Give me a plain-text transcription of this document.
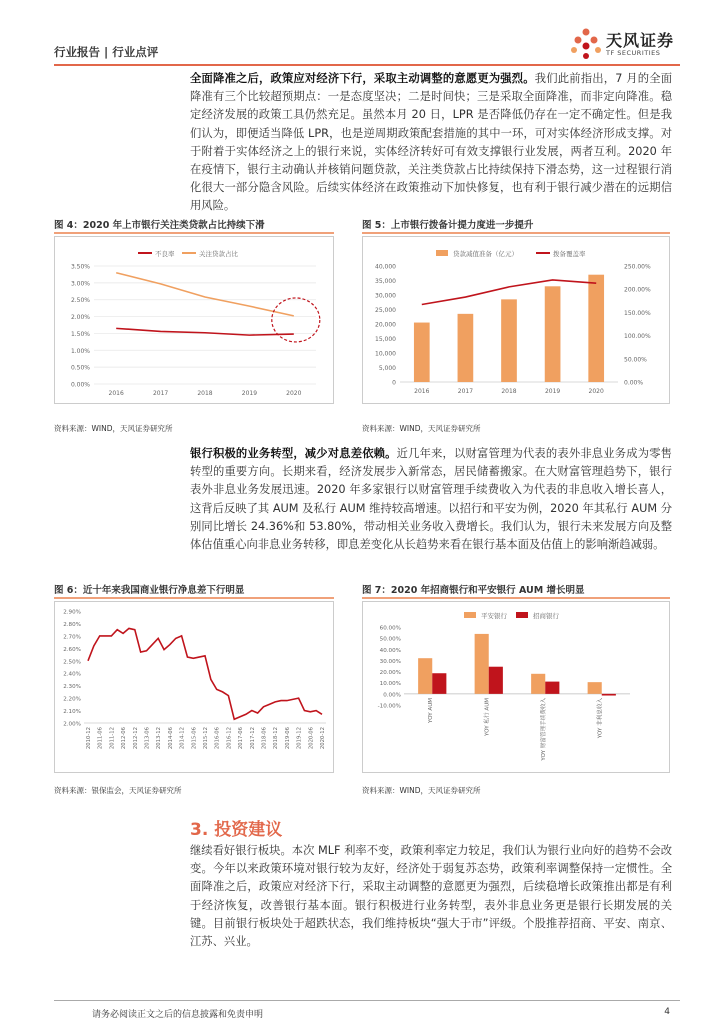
行业报告 | 行业点评
天风证券
TF SECURITIES
全面降准之后，政策应对经济下行，采取主动调整的意愿更为强烈。我们此前指出，7 月的全面降准有三个比较超预期点：一是态度坚决；二是时间快；三是采取全面降准，而非定向降准。稳定经济发展的政策工具仍然充足。虽然本月 20 日，LPR 是否降低仍存在一定不确定性。但是我们认为，即便适当降低 LPR，也是逆周期政策配套措施的其中一环，可对实体经济形成支撑。对于附着于实体经济之上的银行来说，实体经济转好可有效支撑银行业发展，两者互利。2020 年在疫情下，银行主动确认并核销问题贷款，关注类贷款占比持续保持下滑态势，这一过程银行消化很大一部分隐含风险。后续实体经济在政策推动下加快修复，也有利于银行减少潜在的远期信用风险。
图 4：2020 年上市银行关注类贷款占比持续下滑
不良率	关注贷款占比
0.00%
0.50%
1.00%
1.50%
2.00%
2.50%
3.00%
3.50%
2016	2017	2018	2019	2020
资料来源：WIND，天风证券研究所
图 5：上市银行拨备计提力度进一步提升
贷款减值准备（亿元）	拨备覆盖率
0
5,000
10,000
15,000
20,000
25,000
30,000
35,000
40,000
0.00%
50.00%
100.00%
150.00%
200.00%
250.00%
2016	2017	2018	2019	2020
资料来源：WIND，天风证券研究所
银行积极的业务转型，减少对息差依赖。近几年来，以财富管理为代表的表外非息业务成为零售转型的重要方向。长期来看，经济发展步入新常态，居民储蓄搬家。在大财富管理趋势下，银行表外非息业务发展迅速。2020 年多家银行以财富管理手续费收入为代表的非息收入增长喜人，这背后反映了其 AUM 及私行 AUM 维持较高增速。以招行和平安为例，2020 年其私行 AUM 分别同比增长 24.36%和 53.80%，带动相关业务收入费增长。我们认为，银行未来发展方向及整体估值重心向非息业务转移，即息差变化从长趋势来看在银行基本面及估值上的影响渐趋减弱。
图 6：近十年来我国商业银行净息差下行明显
2.00%
2.10%
2.20%
2.30%
2.40%
2.50%
2.60%
2.70%
2.80%
2.90%
2010-12 2011-06 2011-12 2012-06 2012-12 2013-06 2013-12 2014-06 2014-12 2015-06 2015-12 2016-06 2016-12 2017-06 2017-12 2018-06 2018-12 2019-06 2019-12 2020-06 2020-12
资料来源：银保监会，天风证券研究所
图 7：2020 年招商银行和平安银行 AUM 增长明显
平安银行	招商银行
-10.00%
0.00%
10.00%
20.00%
30.00%
40.00%
50.00%
60.00%
YOY AUM	YOY 私行 AUM	YOY 财富管理手续费收入	YOY 非利息收入
资料来源：WIND，天风证券研究所
3. 投资建议
继续看好银行板块。本次 MLF 利率不变，政策利率定力较足，我们认为银行业向好的趋势不会改变。今年以来政策环境对银行较为友好，经济处于弱复苏态势，政策利率调整保持一定惯性。全面降准之后，政策应对经济下行，采取主动调整的意愿更为强烈，后续稳增长政策推出都是有利于经济恢复，改善银行基本面。银行积极进行业务转型，表外非息业务更是银行长期发展的关键。目前银行板块处于超跌状态，我们维持板块“强大于市”评级。个股推荐招商、平安、南京、江苏、兴业。
请务必阅读正文之后的信息披露和免责申明	4
